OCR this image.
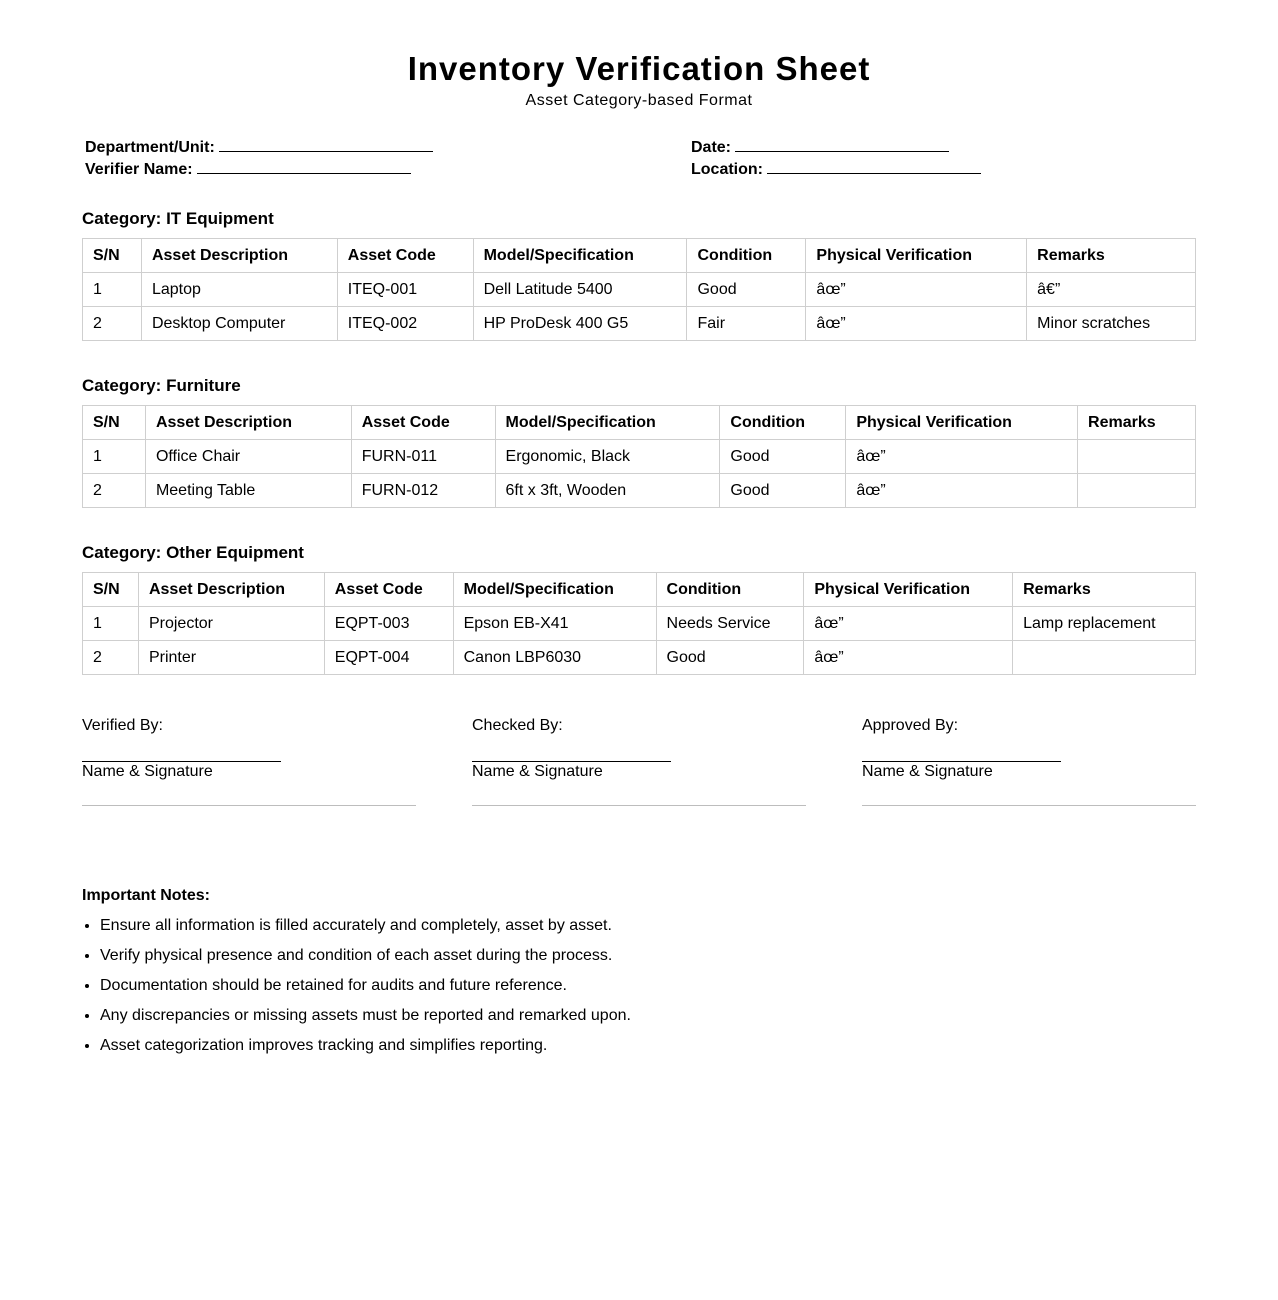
Inventory Verification Sheet
Asset Category-based Format
Department/Unit:
Verifier Name:
Date:
Location:
Category: IT Equipment
S/N	Asset Description	Asset Code	Model/Specification	Condition	Physical Verification	Remarks
1	Laptop	ITEQ-001	Dell Latitude 5400	Good	âœ”	â€”
2	Desktop Computer	ITEQ-002	HP ProDesk 400 G5	Fair	âœ”	Minor scratches
Category: Furniture
S/N	Asset Description	Asset Code	Model/Specification	Condition	Physical Verification	Remarks
1	Office Chair	FURN-011	Ergonomic, Black	Good	âœ”	
2	Meeting Table	FURN-012	6ft x 3ft, Wooden	Good	âœ”	
Category: Other Equipment
S/N	Asset Description	Asset Code	Model/Specification	Condition	Physical Verification	Remarks
1	Projector	EQPT-003	Epson EB-X41	Needs Service	âœ”	Lamp replacement
2	Printer	EQPT-004	Canon LBP6030	Good	âœ”	
Verified By:
Name & Signature
Checked By:
Name & Signature
Approved By:
Name & Signature
Important Notes:
• Ensure all information is filled accurately and completely, asset by asset.
• Verify physical presence and condition of each asset during the process.
• Documentation should be retained for audits and future reference.
• Any discrepancies or missing assets must be reported and remarked upon.
• Asset categorization improves tracking and simplifies reporting.
